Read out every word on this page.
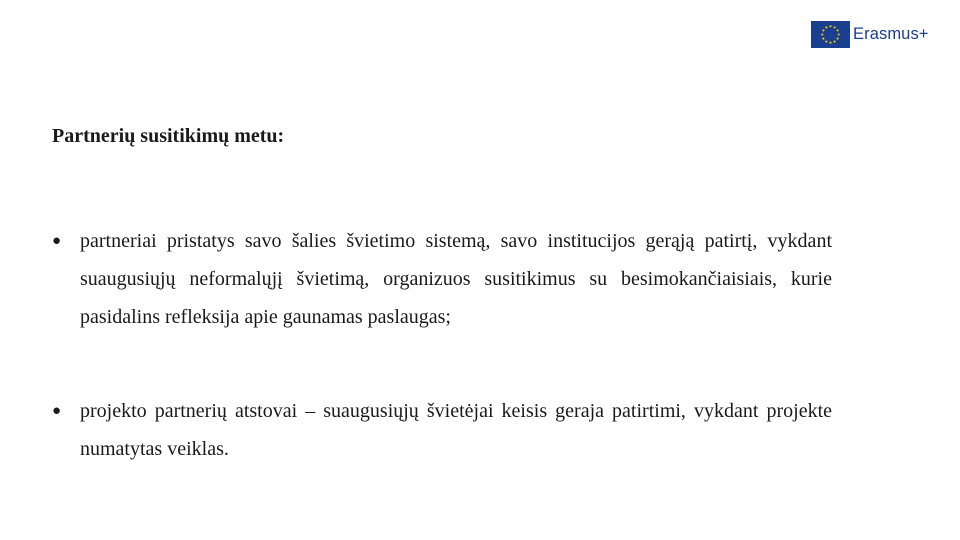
Erasmus+
Partnerių susitikimų metu:
● partneriai pristatys savo šalies švietimo sistemą, savo institucijos gerąją patirtį, vykdant suaugusiųjų neformalųjį švietimą, organizuos susitikimus su besimokančiaisiais, kurie pasidalins refleksija apie gaunamas paslaugas;
● projekto partnerių atstovai – suaugusiųjų švietėjai keisis geraja patirtimi, vykdant projekte numatytas veiklas.
